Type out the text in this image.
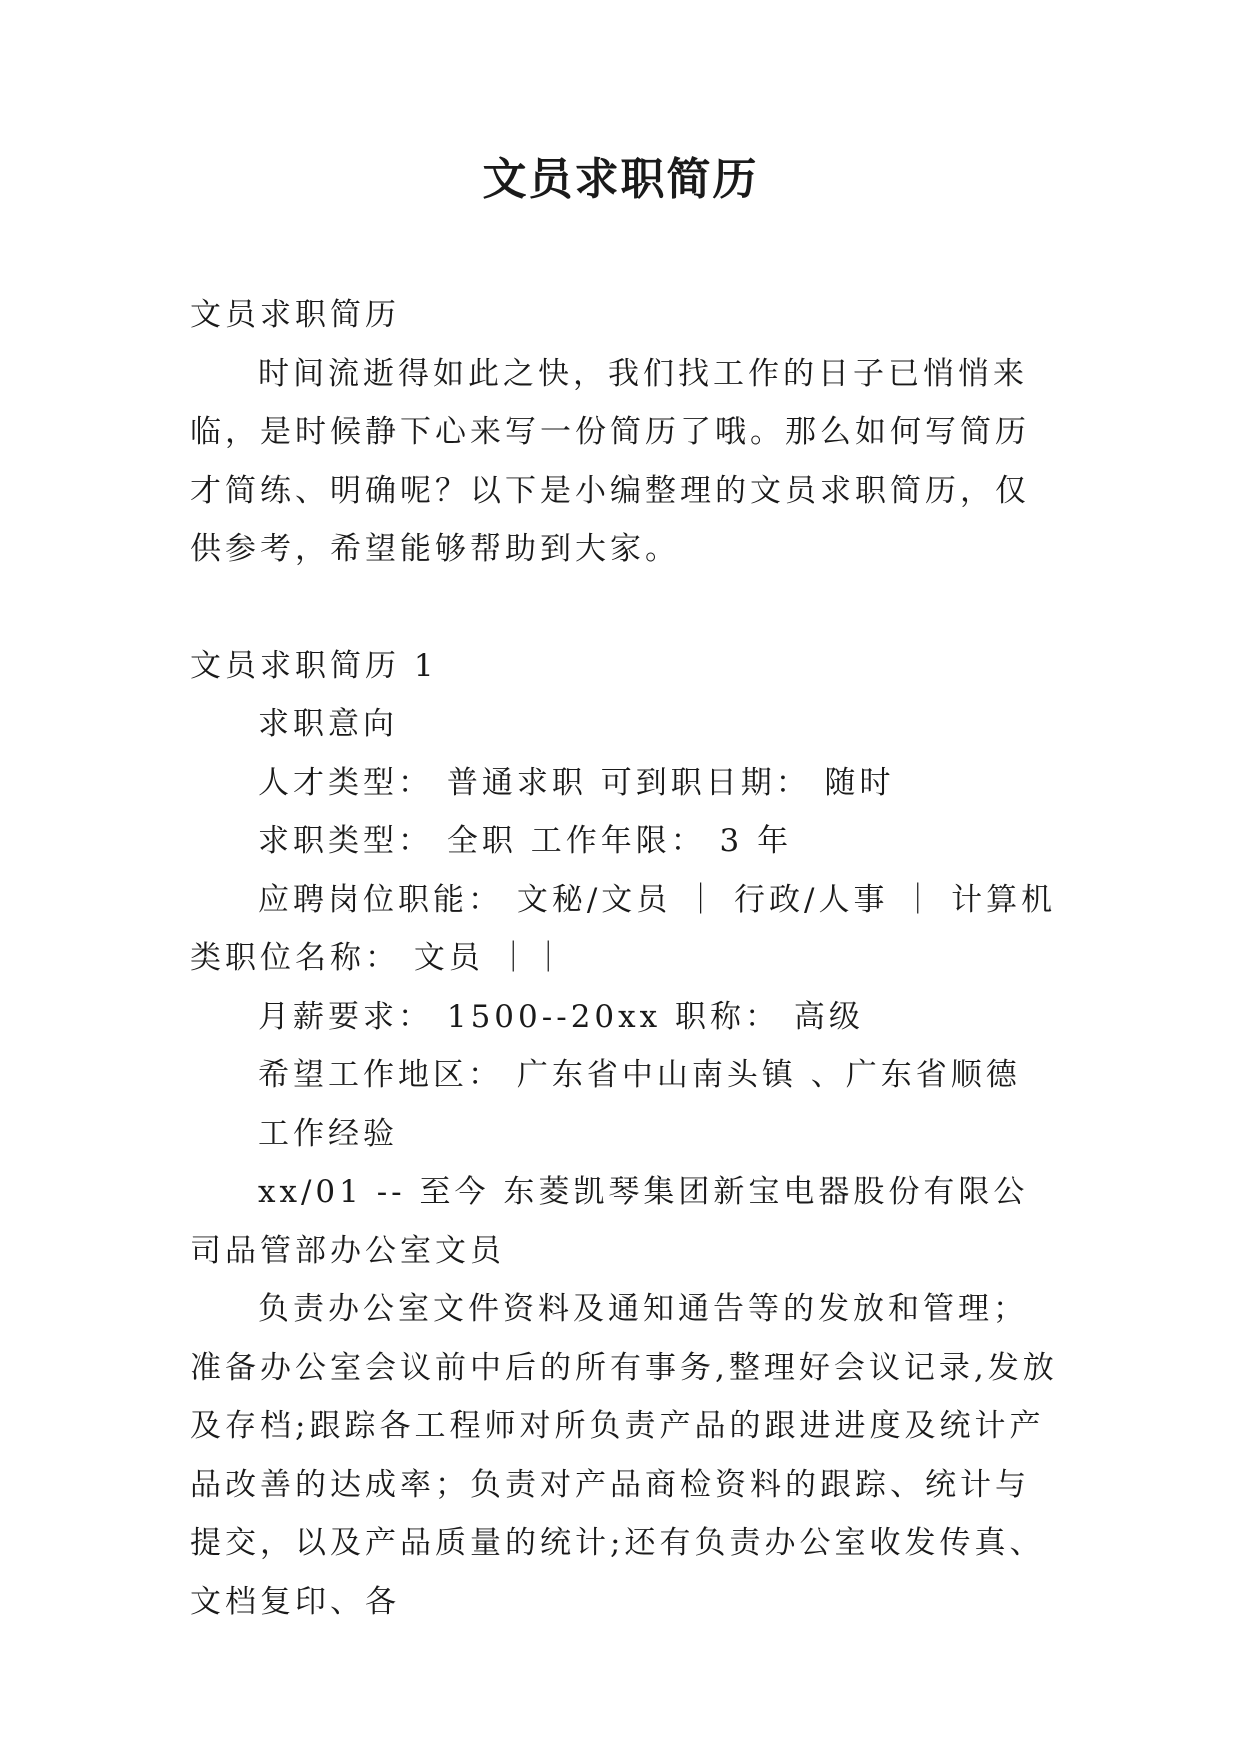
文员求职简历

文员求职简历

时间流逝得如此之快，我们找工作的日子已悄悄来临，是时候静下心来写一份简历了哦。那么如何写简历才简练、明确呢？以下是小编整理的文员求职简历，仅供参考，希望能够帮助到大家。

文员求职简历 1

求职意向

人才类型： 普通求职 可到职日期： 随时

求职类型： 全职 工作年限： 3 年

应聘岗位职能： 文秘/文员 ｜ 行政/人事 ｜ 计算机类职位名称： 文员 ｜｜

月薪要求： 1500--20xx 职称： 高级

希望工作地区： 广东省中山南头镇 、广东省顺德

工作经验

xx/01 -- 至今 东菱凯琴集团新宝电器股份有限公司品管部办公室文员

负责办公室文件资料及通知通告等的发放和管理；准备办公室会议前中后的所有事务,整理好会议记录,发放及存档;跟踪各工程师对所负责产品的跟进进度及统计产品改善的达成率；负责对产品商检资料的跟踪、统计与提交，以及产品质量的统计;还有负责办公室收发传真、文档复印、各
